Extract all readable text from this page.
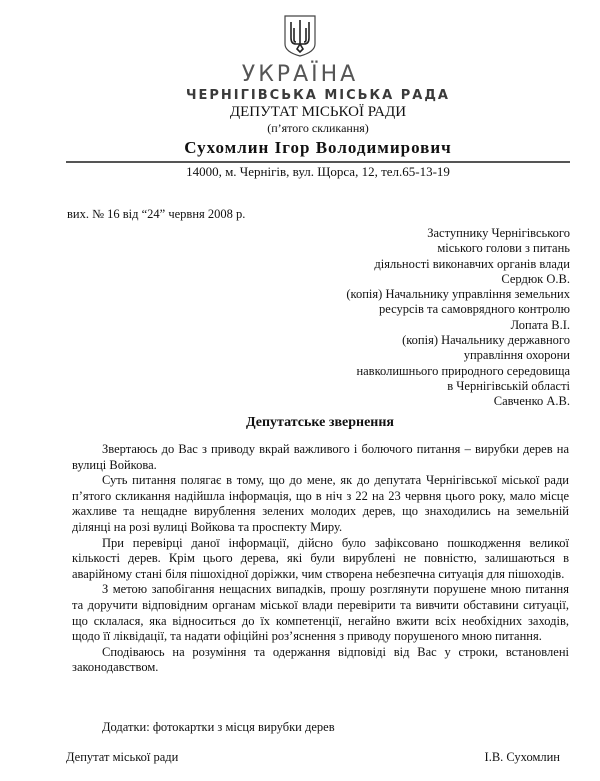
УКРАЇНА
ЧЕРНІГІВСЬКА МІСЬКА РАДА
ДЕПУТАТ МІСЬКОЇ РАДИ
(п’ятого скликання)
Сухомлин Ігор Володимирович
14000, м. Чернігів, вул. Щорса, 12, тел.65-13-19
вих. № 16 від “24” червня 2008 р.
Заступнику Чернігівського
міського голови з питань
діяльності виконавчих органів влади
Сердюк О.В.
(копія) Начальнику управління земельних
ресурсів та самоврядного контролю
Лопата В.І.
(копія) Начальнику державного
управління охорони
навколишнього природного середовища
в Чернігівській області
Савченко А.В.
Депутатське звернення

Звертаюсь до Вас з приводу вкрай важливого і болючого питання – вирубки дерев на вулиці Войкова.

Суть питання полягає в тому, що до мене, як до депутата Чернігівської міської ради п’ятого скликання надійшла інформація, що в ніч з 22 на 23 червня цього року, мало місце жахливе та нещадне вирублення зелених молодих дерев, що знаходились на земельній ділянці на розі вулиці Войкова та проспекту Миру.

При перевірці даної інформації, дійсно було зафіксовано пошкодження великої кількості дерев. Крім цього дерева, які були вирублені не повністю, залишаються в аварійному стані біля пішохідної доріжки, чим створена небезпечна ситуація для пішоходів.

З метою запобігання нещасних випадків, прошу розглянути порушене мною питання та доручити відповідним органам міської влади перевірити та вивчити обставини ситуації, що склалася, яка відноситься до їх компетенції, негайно вжити всіх необхідних заходів, щодо її ліквідації, та надати офіційні роз’яснення з приводу порушеного мною питання.

Сподіваюсь на розуміння та одержання відповіді від Вас у строки, встановлені законодавством.

Додатки: фотокартки з місця вирубки дерев
Депутат міської ради	І.В. Сухомлин
